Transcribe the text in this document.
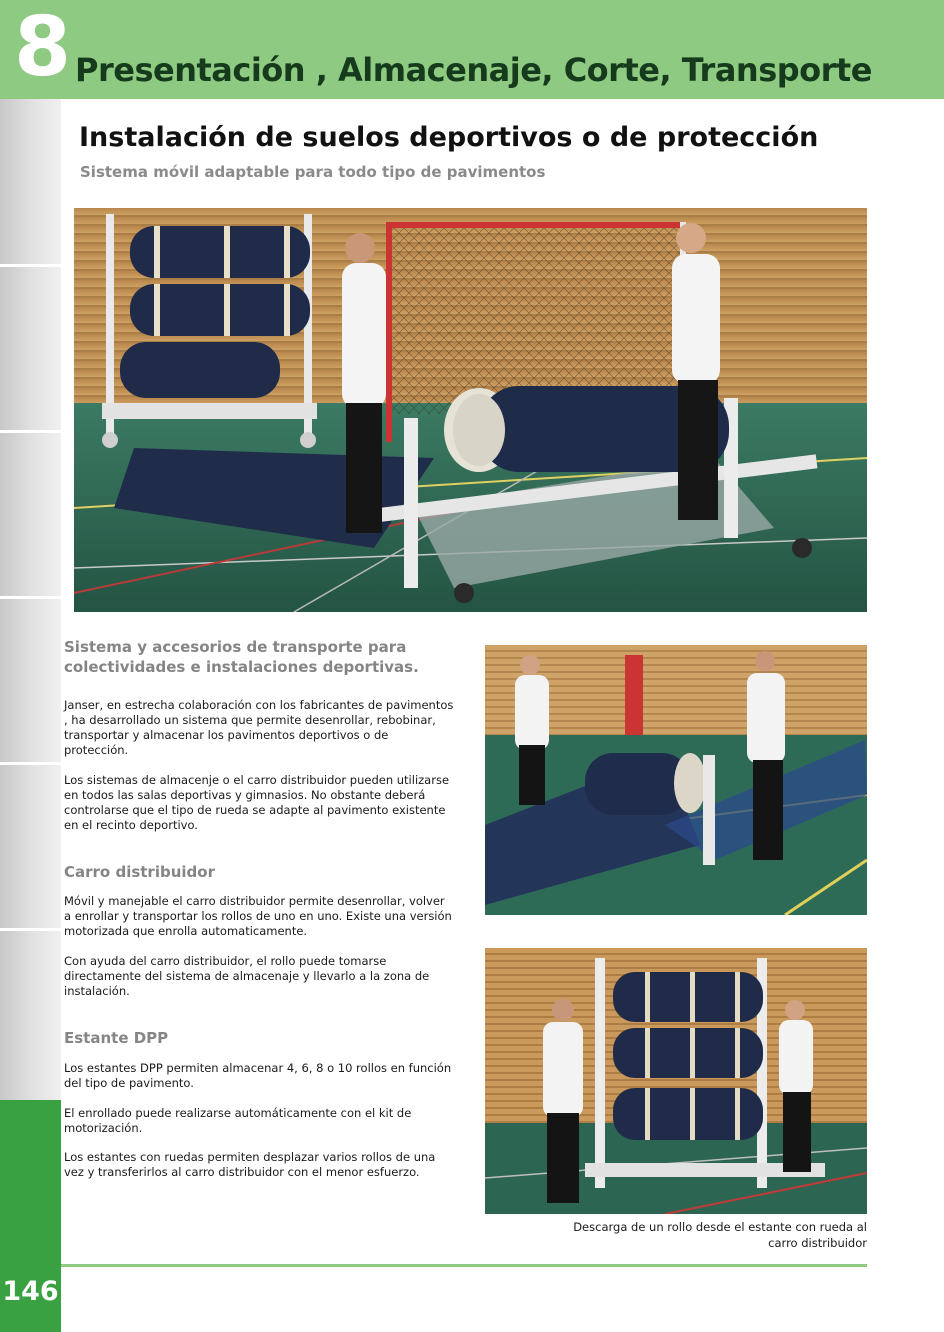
8 Presentación , Almacenaje, Corte, Transporte
146
Instalación de suelos deportivos o de protección
Sistema móvil adaptable para todo tipo de pavimentos
Sistema y accesorios de transporte para colectividades e instalaciones deportivas.

Janser, en estrecha colaboración con los fabricantes de pavimentos , ha desarrollado un sistema que permite desenrollar, rebobinar, transportar y almacenar los pavimentos deportivos o de protección.

Los sistemas de almacenje o el carro distribuidor pueden utilizarse en todos las salas deportivas y gimnasios. No obstante deberá controlarse que el tipo de rueda se adapte al pavimento existente en el recinto deportivo.

Carro distribuidor

Móvil y manejable el carro distribuidor permite desenrollar, volver a enrollar y transportar los rollos de uno en uno. Existe una versión motorizada que enrolla automaticamente.

Con ayuda del carro distribuidor, el rollo puede tomarse directamente del sistema de almacenaje y llevarlo a la zona de instalación.

Estante DPP

Los estantes DPP permiten almacenar 4, 6, 8 o 10 rollos en función del tipo de pavimento.

El enrollado puede realizarse automáticamente con el kit de motorización.

Los estantes con ruedas permiten desplazar varios rollos de una vez y transferirlos al carro distribuidor con el menor esfuerzo.

Descarga de un rollo desde el estante con rueda al carro distribuidor
